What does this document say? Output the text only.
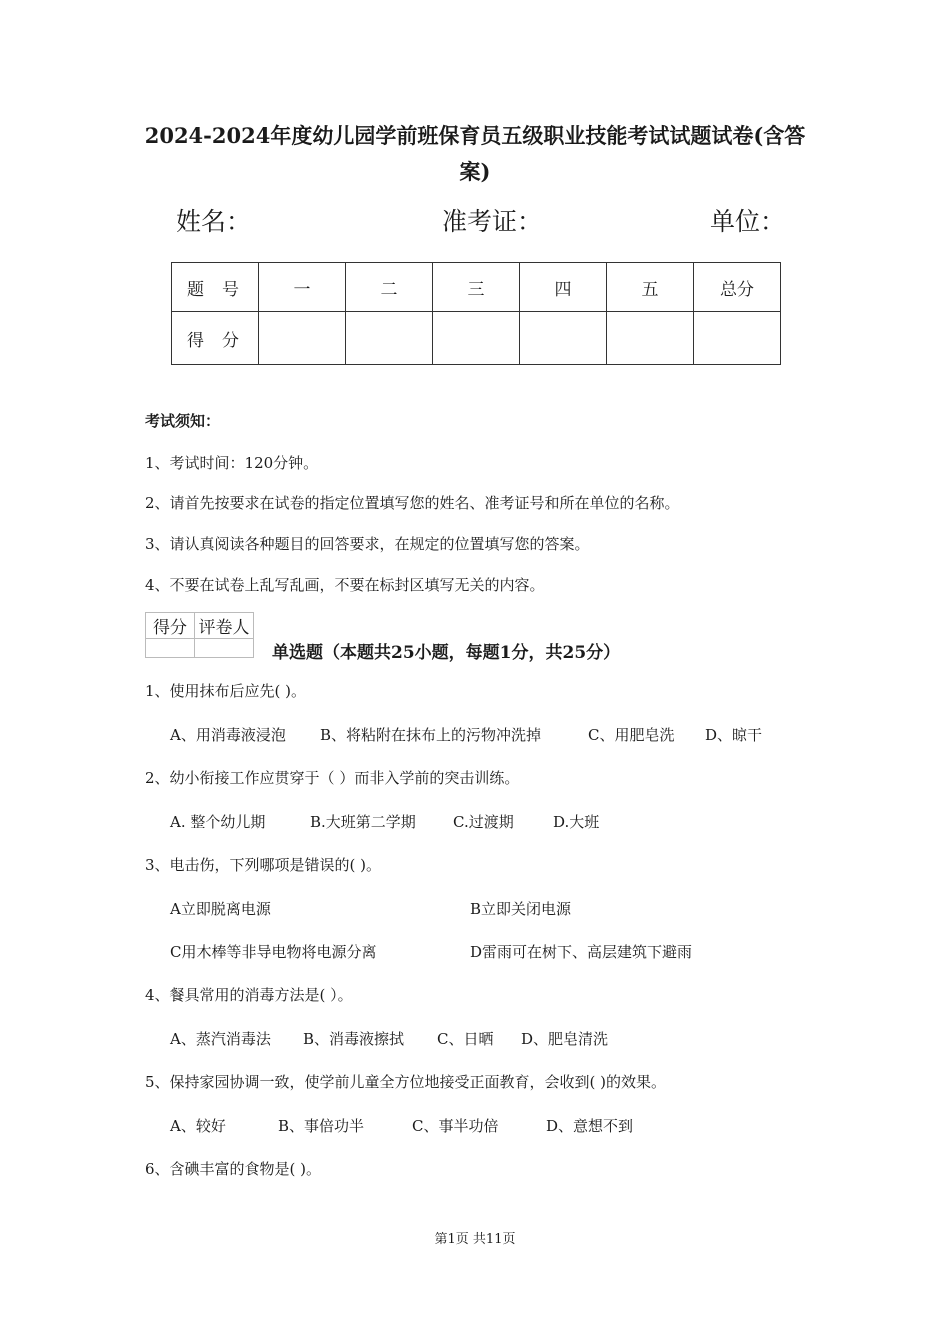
2024-2024年度幼儿园学前班保育员五级职业技能考试试题试卷(含答案)
姓名：	准考证：	单位：
题号	一	二	三	四	五	总分
得分						
考试须知：
1、考试时间：120分钟。
2、请首先按要求在试卷的指定位置填写您的姓名、准考证号和所在单位的名称。
3、请认真阅读各种题目的回答要求，在规定的位置填写您的答案。
4、不要在试卷上乱写乱画，不要在标封区填写无关的内容。
得分	评卷人

单选题（本题共25小题，每题1分，共25分）
1、使用抹布后应先( )。
A、用消毒液浸泡 B、将粘附在抹布上的污物冲洗掉	C、用肥皂洗 D、晾干
2、幼小衔接工作应贯穿于（ ）而非入学前的突击训练。
A. 整个幼儿期	B.大班第二学期 C.过渡期	D.大班
3、电击伤，下列哪项是错误的( )。
A立即脱离电源	B立即关闭电源
C用木棒等非导电物将电源分离	D雷雨可在树下、高层建筑下避雨
4、餐具常用的消毒方法是( ）。
A、蒸汽消毒法 B、消毒液擦拭 C、日晒 D、肥皂清洗
5、保持家园协调一致，使学前儿童全方位地接受正面教育，会收到( )的效果。
A、较好	B、事倍功半	C、事半功倍	D、意想不到
6、含碘丰富的食物是( )。
第1页 共11页
